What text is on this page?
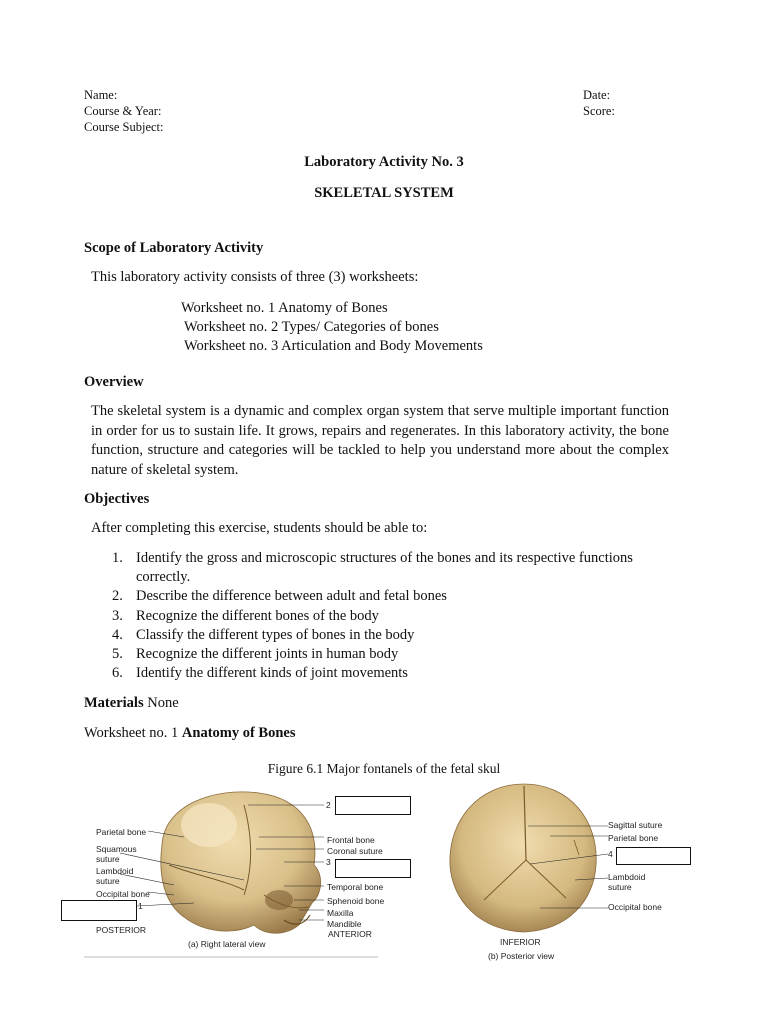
Name:
Course & Year:
Course Subject:
Date:
Score:
Laboratory Activity No. 3
SKELETAL SYSTEM
Scope of Laboratory Activity
This laboratory activity consists of three (3) worksheets:
Worksheet no. 1 Anatomy of Bones
Worksheet no. 2 Types/ Categories of bones
Worksheet no. 3 Articulation and Body Movements
Overview
The skeletal system is a dynamic and complex organ system that serve multiple important function in order for us to sustain life. It grows, repairs and regenerates. In this laboratory activity, the bone function, structure and categories will be tackled to help you understand more about the complex nature of skeletal system.
Objectives
After completing this exercise, students should be able to:
1. Identify the gross and microscopic structures of the bones and its respective functions correctly.
2. Describe the difference between adult and fetal bones
3. Recognize the different bones of the body
4. Classify the different types of bones in the body
5. Recognize the different joints in human body
6. Identify the different kinds of joint movements
Materials None
Worksheet no. 1 Anatomy of Bones
Figure 6.1 Major fontanels of the fetal skul
Parietal bone
Squamous
suture
Lambdoid
suture
Occipital bone
Frontal bone
Coronal suture
Temporal bone
Sphenoid bone
Maxilla
Mandible
2
3
1
POSTERIOR	ANTERIOR
(a) Right lateral view
Sagittal suture
Parietal bone
Lambdoid
suture
Occipital bone
4
INFERIOR
(b) Posterior view
